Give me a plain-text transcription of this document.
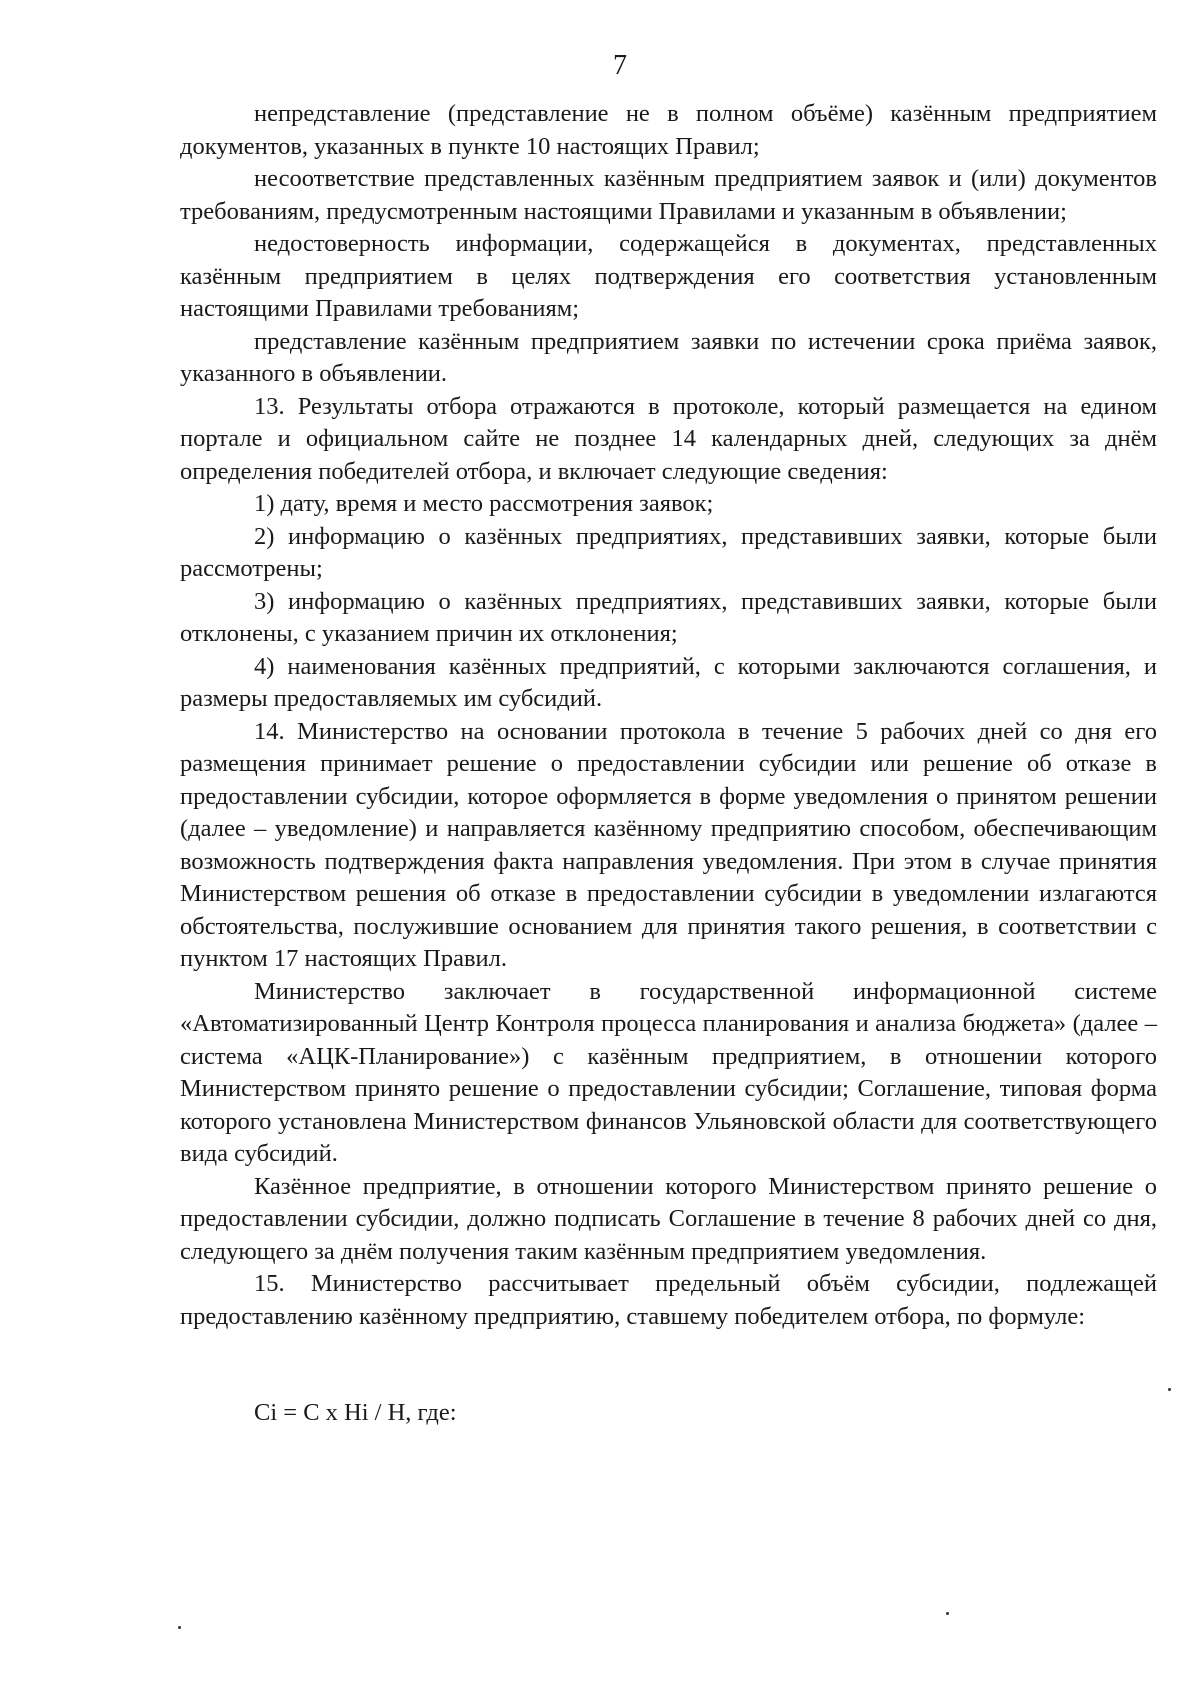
7

непредставление (представление не в полном объёме) казённым предприятием документов, указанных в пункте 10 настоящих Правил;

несоответствие представленных казённым предприятием заявок и (или) документов требованиям, предусмотренным настоящими Правилами и указанным в объявлении;

недостоверность информации, содержащейся в документах, представленных казённым предприятием в целях подтверждения его соответствия установленным настоящими Правилами требованиям;

представление казённым предприятием заявки по истечении срока приёма заявок, указанного в объявлении.

13. Результаты отбора отражаются в протоколе, который размещается на едином портале и официальном сайте не позднее 14 календарных дней, следующих за днём определения победителей отбора, и включает следующие сведения:

1) дату, время и место рассмотрения заявок;

2) информацию о казённых предприятиях, представивших заявки, которые были рассмотрены;

3) информацию о казённых предприятиях, представивших заявки, которые были отклонены, с указанием причин их отклонения;

4) наименования казённых предприятий, с которыми заключаются соглашения, и размеры предоставляемых им субсидий.

14. Министерство на основании протокола в течение 5 рабочих дней со дня его размещения принимает решение о предоставлении субсидии или решение об отказе в предоставлении субсидии, которое оформляется в форме уведомления о принятом решении (далее – уведомление) и направляется казённому предприятию способом, обеспечивающим возможность подтверждения факта направления уведомления. При этом в случае принятия Министерством решения об отказе в предоставлении субсидии в уведомлении излагаются обстоятельства, послужившие основанием для принятия такого решения, в соответствии с пунктом 17 настоящих Правил.

Министерство заключает в государственной информационной системе «Автоматизированный Центр Контроля процесса планирования и анализа бюджета» (далее – система «АЦК-Планирование») с казённым предприятием, в отношении которого Министерством принято решение о предоставлении субсидии; Соглашение, типовая форма которого установлена Министерством финансов Ульяновской области для соответствующего вида субсидий.

Казённое предприятие, в отношении которого Министерством принято решение о предоставлении субсидии, должно подписать Соглашение в течение 8 рабочих дней со дня, следующего за днём получения таким казённым предприятием уведомления.

15. Министерство рассчитывает предельный объём субсидии, подлежащей предоставлению казённому предприятию, ставшему победителем отбора, по формуле:

Ci = C x Hi / H, где:
